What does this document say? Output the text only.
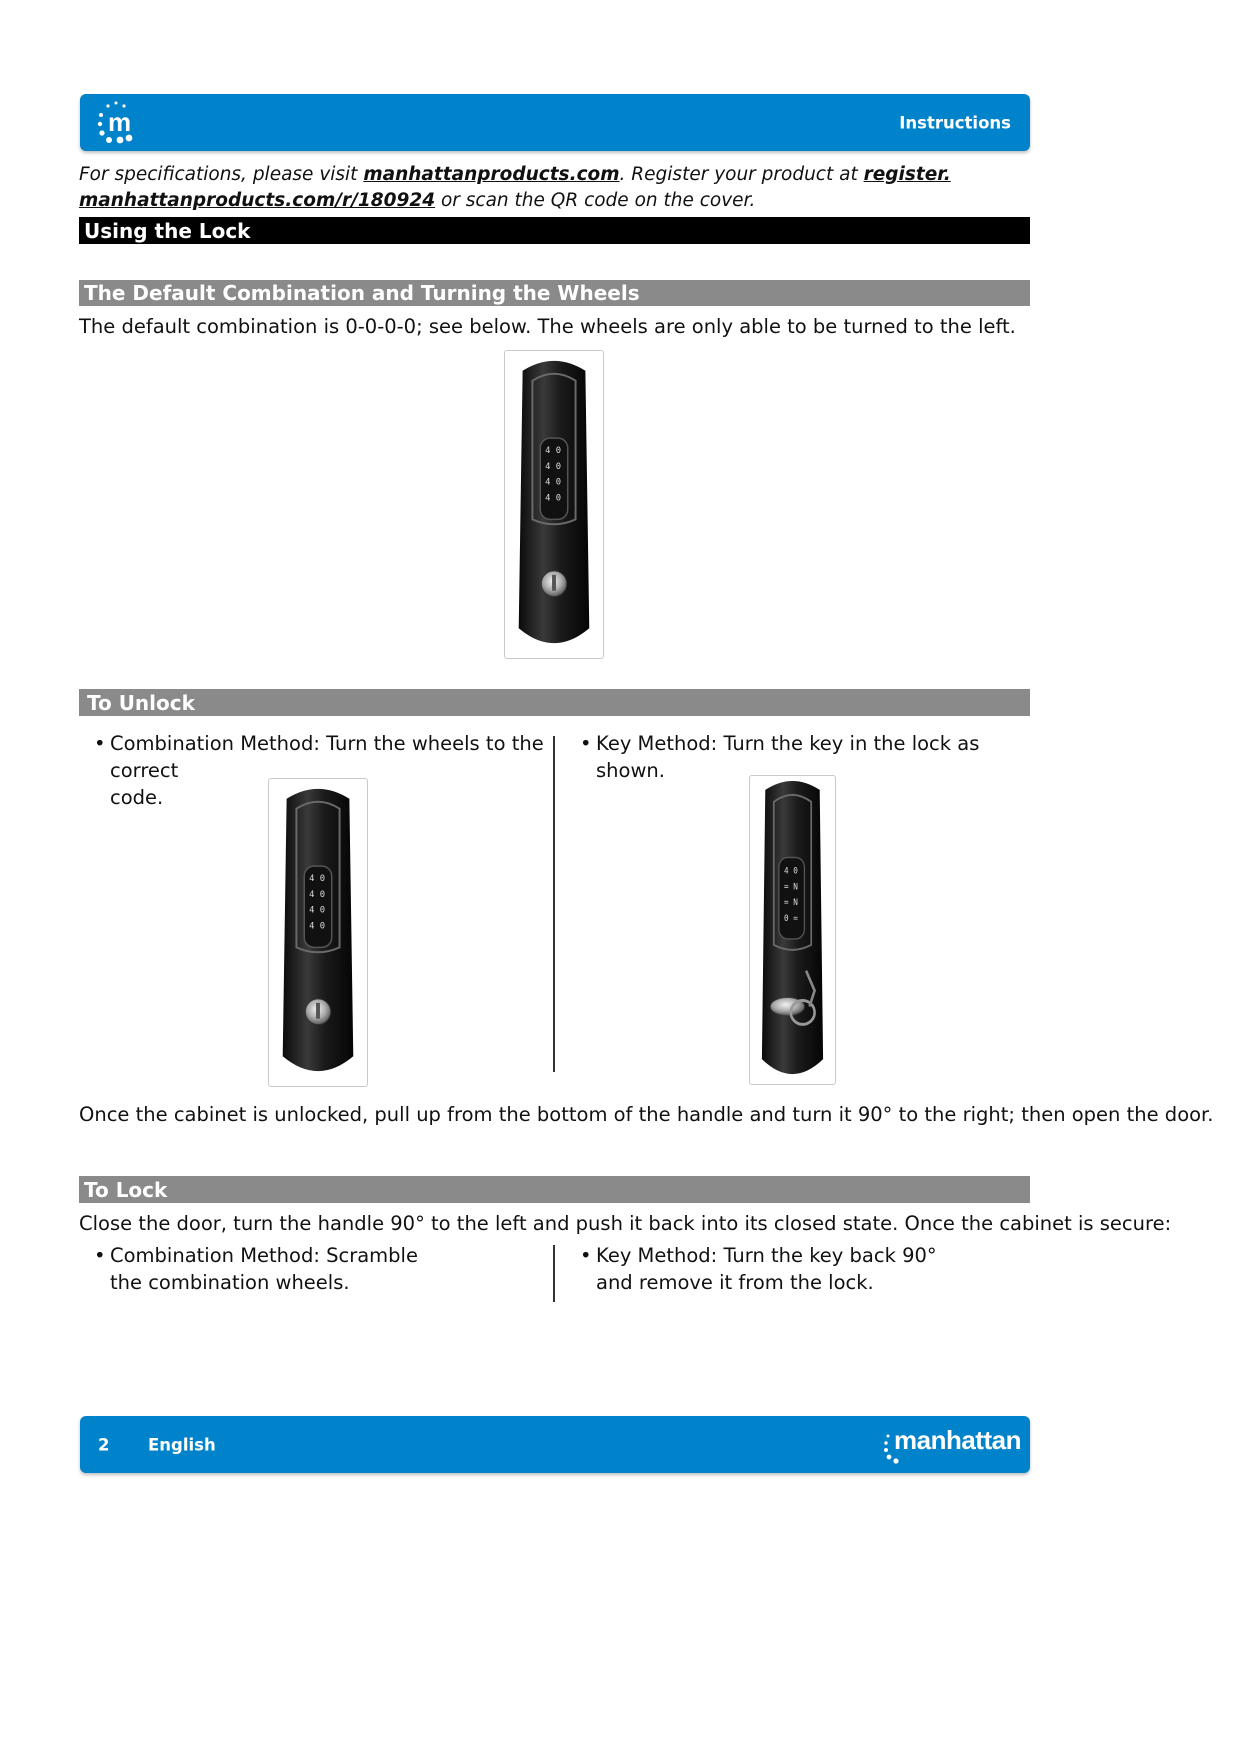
m	Instructions
For specifications, please visit manhattanproducts.com. Register your product at register.
manhattanproducts.com/r/180924 or scan the QR code on the cover.
Using the Lock
The Default Combination and Turning the Wheels
The default combination is 0-0-0-0; see below. The wheels are only able to be turned to the left.
To Unlock
• Combination Method: Turn the wheels to the correct
code.
• Key Method: Turn the key in the lock as shown.
Once the cabinet is unlocked, pull up from the bottom of the handle and turn it 90° to the right; then open the door.
To Lock
Close the door, turn the handle 90° to the left and push it back into its closed state. Once the cabinet is secure:
• Combination Method: Scramble
the combination wheels.
• Key Method: Turn the key back 90°
and remove it from the lock.
2 English	manhattan
